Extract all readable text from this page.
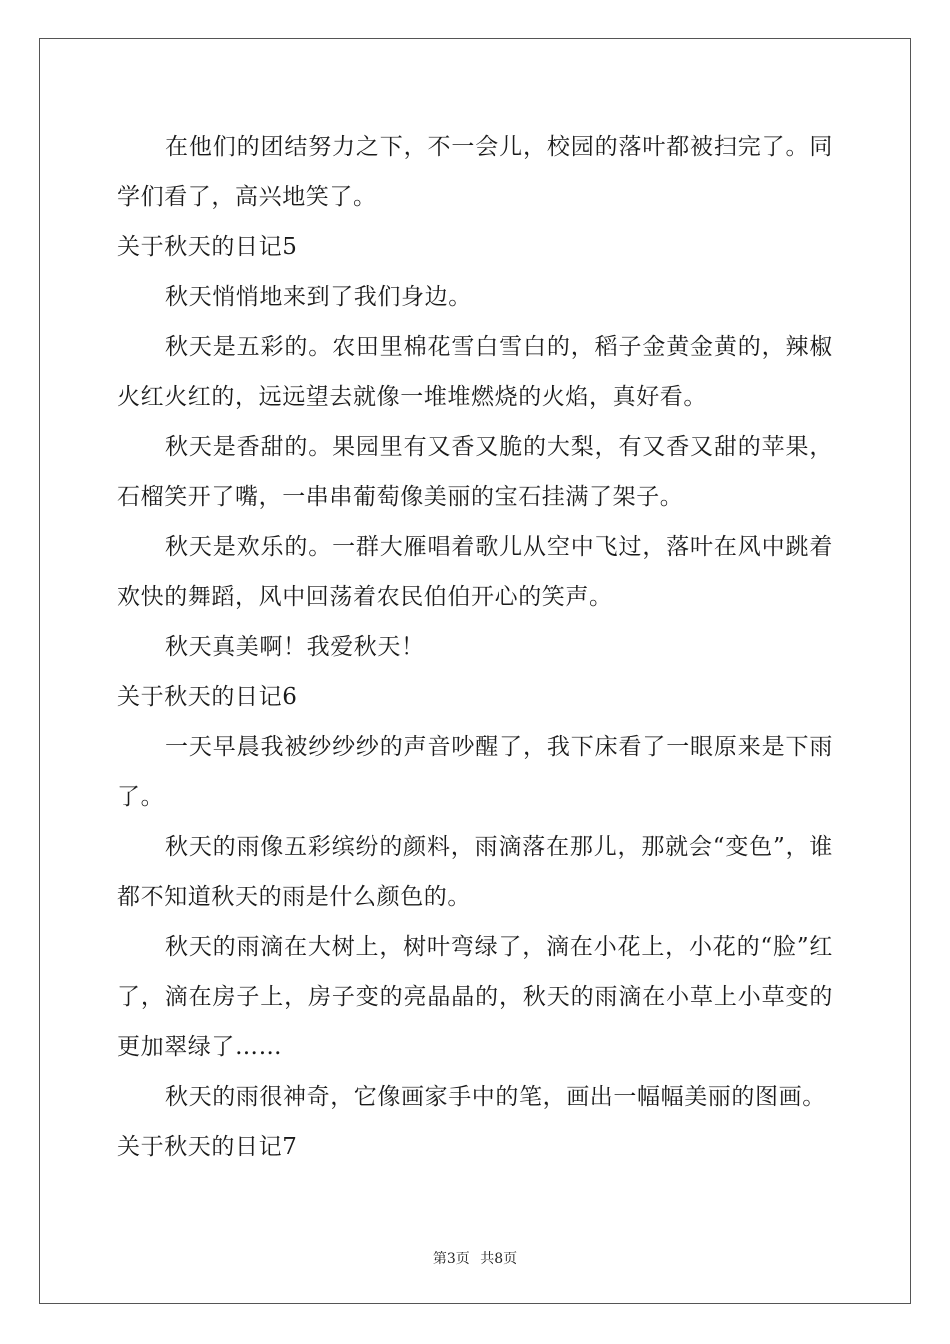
在他们的团结努力之下，不一会儿，校园的落叶都被扫完了。同学们看了，高兴地笑了。

关于秋天的日记5

秋天悄悄地来到了我们身边。

秋天是五彩的。农田里棉花雪白雪白的，稻子金黄金黄的，辣椒火红火红的，远远望去就像一堆堆燃烧的火焰，真好看。

秋天是香甜的。果园里有又香又脆的大梨，有又香又甜的苹果，石榴笑开了嘴，一串串葡萄像美丽的宝石挂满了架子。

秋天是欢乐的。一群大雁唱着歌儿从空中飞过，落叶在风中跳着欢快的舞蹈，风中回荡着农民伯伯开心的笑声。

秋天真美啊！我爱秋天！

关于秋天的日记6

一天早晨我被纱纱纱的声音吵醒了，我下床看了一眼原来是下雨了。

秋天的雨像五彩缤纷的颜料，雨滴落在那儿，那就会“变色”，谁都不知道秋天的雨是什么颜色的。

秋天的雨滴在大树上，树叶弯绿了，滴在小花上，小花的“脸”红了，滴在房子上，房子变的亮晶晶的，秋天的雨滴在小草上小草变的更加翠绿了……

秋天的雨很神奇，它像画家手中的笔，画出一幅幅美丽的图画。

关于秋天的日记7

第3页 共8页
